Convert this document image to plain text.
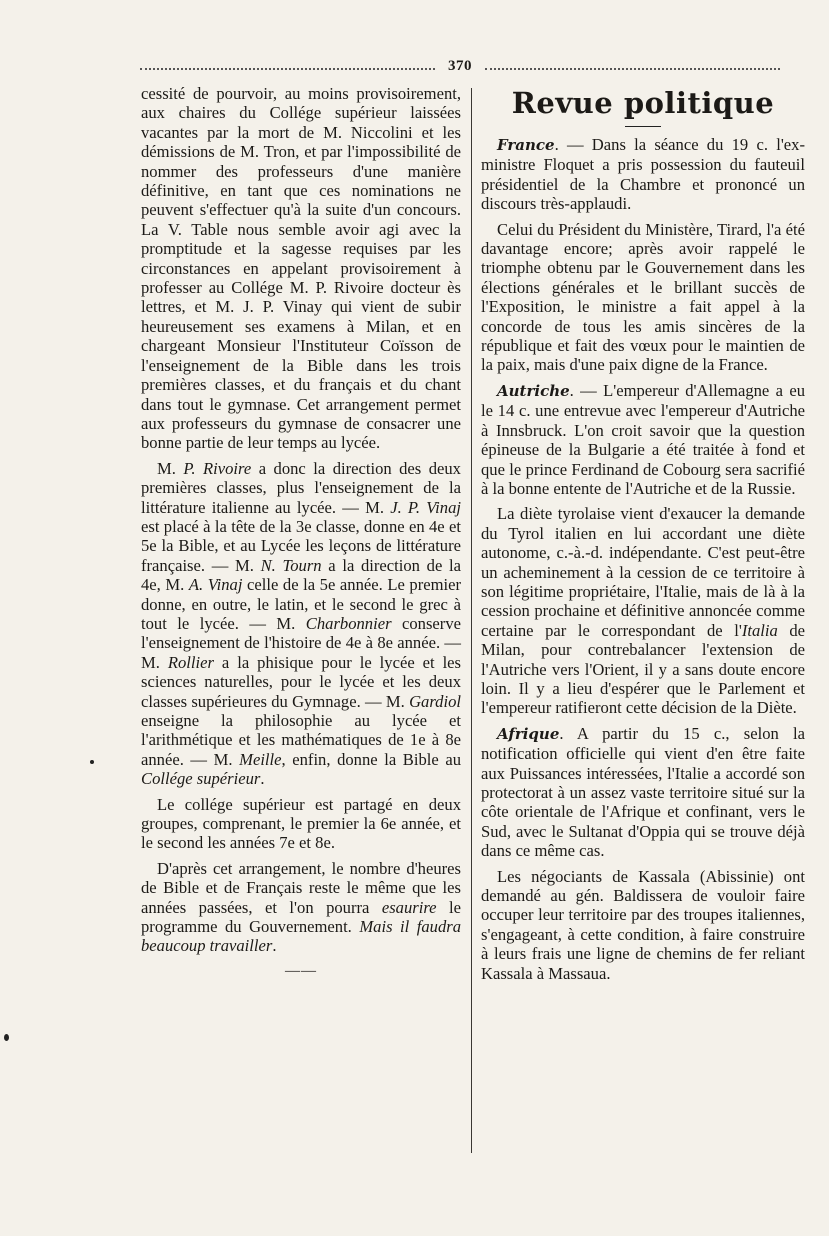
370

cessité de pourvoir, au moins provisoirement, aux chaires du Collége supérieur laissées vacantes par la mort de M. Niccolini et les démissions de M. Tron, et par l'impossibilité de nommer des professeurs d'une manière définitive, en tant que ces nominations ne peuvent s'effectuer qu'à la suite d'un concours. La V. Table nous semble avoir agi avec la promptitude et la sagesse requises par les circonstances en appelant provisoirement à professer au Collége M. P. Rivoire docteur ès lettres, et M. J. P. Vinay qui vient de subir heureusement ses examens à Milan, et en chargeant Monsieur l'Instituteur Coïsson de l'enseignement de la Bible dans les trois premières classes, et du français et du chant dans tout le gymnase. Cet arrangement permet aux professeurs du gymnase de consacrer une bonne partie de leur temps au lycée.

M. P. Rivoire a donc la direction des deux premières classes, plus l'enseignement de la littérature italienne au lycée. — M. J. P. Vinaj est placé à la tête de la 3e classe, donne en 4e et 5e la Bible, et au Lycée les leçons de littérature française. — M. N. Tourn a la direction de la 4e, M. A. Vinaj celle de la 5e année. Le premier donne, en outre, le latin, et le second le grec à tout le lycée. — M. Charbonnier conserve l'enseignement de l'histoire de 4e à 8e année. — M. Rollier a la phisique pour le lycée et les sciences naturelles, pour le lycée et les deux classes supérieures du Gymnage. — M. Gardiol enseigne la philosophie au lycée et l'arithmétique et les mathématiques de 1e à 8e année. — M. Meille, enfin, donne la Bible au Collége supérieur.

Le collége supérieur est partagé en deux groupes, comprenant, le premier la 6e année, et le second les années 7e et 8e.

D'après cet arrangement, le nombre d'heures de Bible et de Français reste le même que les années passées, et l'on pourra esaurire le programme du Gouvernement. Mais il faudra beaucoup travailler.

——
Revue politique

France. — Dans la séance du 19 c. l'ex-ministre Floquet a pris possession du fauteuil présidentiel de la Chambre et prononcé un discours très-applaudi.

Celui du Président du Ministère, Tirard, l'a été davantage encore; après avoir rappelé le triomphe obtenu par le Gouvernement dans les élections générales et le brillant succès de l'Exposition, le ministre a fait appel à la concorde de tous les amis sincères de la république et fait des vœux pour le maintien de la paix, mais d'une paix digne de la France.

Autriche. — L'empereur d'Allemagne a eu le 14 c. une entrevue avec l'empereur d'Autriche à Innsbruck. L'on croit savoir que la question épineuse de la Bulgarie a été traitée à fond et que le prince Ferdinand de Cobourg sera sacrifié à la bonne entente de l'Autriche et de la Russie.

La diète tyrolaise vient d'exaucer la demande du Tyrol italien en lui accordant une diète autonome, c.-à.-d. indépendante. C'est peut-être un acheminement à la cession de ce territoire à son légitime propriétaire, l'Italie, mais de là à la cession prochaine et définitive annoncée comme certaine par le correspondant de l'Italia de Milan, pour contrebalancer l'extension de l'Autriche vers l'Orient, il y a sans doute encore loin. Il y a lieu d'espérer que le Parlement et l'empereur ratifieront cette décision de la Diète.

Afrique. A partir du 15 c., selon la notification officielle qui vient d'en être faite aux Puissances intéressées, l'Italie a accordé son protectorat à un assez vaste territoire situé sur la côte orientale de l'Afrique et confinant, vers le Sud, avec le Sultanat d'Oppia qui se trouve déjà dans ce même cas.

Les négociants de Kassala (Abissinie) ont demandé au gén. Baldissera de vouloir faire occuper leur territoire par des troupes italiennes, s'engageant, à cette condition, à faire construire à leurs frais une ligne de chemins de fer reliant Kassala à Massaua.
